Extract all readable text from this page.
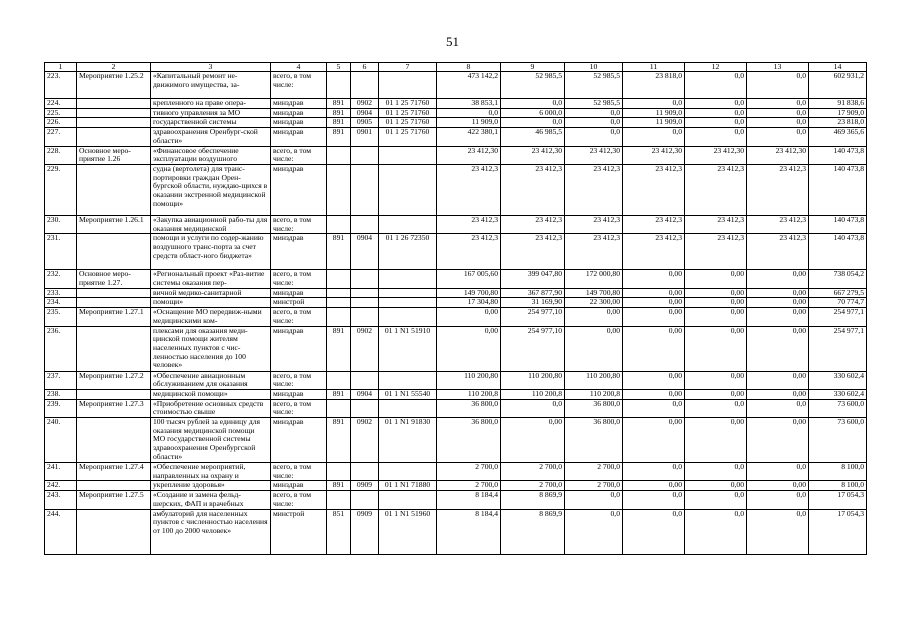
51
1	2	3	4	5	6	7	8	9	10	11	12	13	14
223.	Мероприятие 1.25.2	«Капитальный ремонт не-движимого имущества, за-	всего, в том числе:				473 142,2	52 985,5	52 985,5	23 818,0	0,0	0,0	602 931,2
224.		крепленного на праве опера-	минздрав	891	0902	01 1 25 71760	38 853,1	0,0	52 985,5	0,0	0,0	0,0	91 838,6
225.		тивного управления за МО	минздрав	891	0904	01 1 25 71760	0,0	6 000,0	0,0	11 909,0	0,0	0,0	17 909,0
226.		государственной системы	минздрав	891	0905	01 1 25 71760	11 909,0	0,0	0,0	11 909,0	0,0	0,0	23 818,0
227.		здравоохранения Оренбург-ской области»	минздрав	891	0901	01 1 25 71760	422 380,1	46 985,5	0,0	0,0	0,0	0,0	469 365,6
228.	Основное меро-приятие 1.26	«Финансовое обеспечение эксплуатации воздушного	всего, в том числе:				23 412,30	23 412,30	23 412,30	23 412,30	23 412,30	23 412,30	140 473,8
229.		судна (вертолета) для транс-портировки граждан Орен-бургской области, нуждаю-щихся в оказании экстренной медицинской помощи»	минздрав				23 412,3	23 412,3	23 412,3	23 412,3	23 412,3	23 412,3	140 473,8
230.	Мероприятие 1.26.1	«Закупка авиационной рабо-ты для оказания медицинской	всего, в том числе:				23 412,3	23 412,3	23 412,3	23 412,3	23 412,3	23 412,3	140 473,8
231.		помощи и услуги по содер-жанию воздушного транс-порта за счет средств област-ного бюджета»	минздрав	891	0904	01 1 26 72350	23 412,3	23 412,3	23 412,3	23 412,3	23 412,3	23 412,3	140 473,8
232.	Основное меро-приятие 1.27.	«Региональный проект «Раз-витие системы оказания пер-	всего, в том числе:				167 005,60	399 047,80	172 000,80	0,00	0,00	0,00	738 054,2
233.		вичной медико-санитарной	минздрав				149 700,80	367 877,90	149 700,80	0,00	0,00	0,00	667 279,5
234.		помощи»	минстрой				17 304,80	31 169,90	22 300,00	0,00	0,00	0,00	70 774,7
235.	Мероприятие 1.27.1	«Оснащение МО передвиж-ными медицинскими ком-	всего, в том числе:				0,00	254 977,10	0,00	0,00	0,00	0,00	254 977,1
236.		плексами для оказания меди-цинской помощи жителям населенных пунктов с чис-ленностью населения до 100 человек»	минздрав	891	0902	01 1 N1 51910	0,00	254 977,10	0,00	0,00	0,00	0,00	254 977,1
237.	Мероприятие 1.27.2	«Обеспечение авиационным обслуживанием для оказания	всего, в том числе:				110 200,80	110 200,80	110 200,80	0,00	0,00	0,00	330 602,4
238.		медицинской помощи»	минздрав	891	0904	01 1 N1 55540	110 200,8	110 200,8	110 200,8	0,00	0,00	0,00	330 602,4
239.	Мероприятие 1.27.3	«Приобретение основных средств стоимостью свыше	всего, в том числе:				36 800,0	0,0	36 800,0	0,0	0,0	0,0	73 600,0
240.		100 тысяч рублей за единицу для оказания медицинской помощи МО государственной системы здравоохранения Оренбургской области»	минздрав	891	0902	01 1 N1 91830	36 800,0	0,00	36 800,0	0,00	0,00	0,00	73 600,0
241.	Мероприятие 1.27.4	«Обеспечение мероприятий, направленных на охрану и	всего, в том числе:				2 700,0	2 700,0	2 700,0	0,0	0,0	0,0	8 100,0
242.		укрепление здоровья»	минздрав	891	0909	01 1 N1 71880	2 700,0	2 700,0	2 700,0	0,00	0,00	0,00	8 100,0
243.	Мероприятие 1.27.5	«Создание и замена фельд-шерских, ФАП и врачебных	всего, в том числе:				8 184,4	8 869,9	0,0	0,0	0,0	0,0	17 054,3
244.		амбулаторий для населенных пунктов с численностью населения от 100 до 2000 человек»	минстрой	851	0909	01 1 N1 51960	8 184,4	8 869,9	0,0	0,0	0,0	0,0	17 054,3
